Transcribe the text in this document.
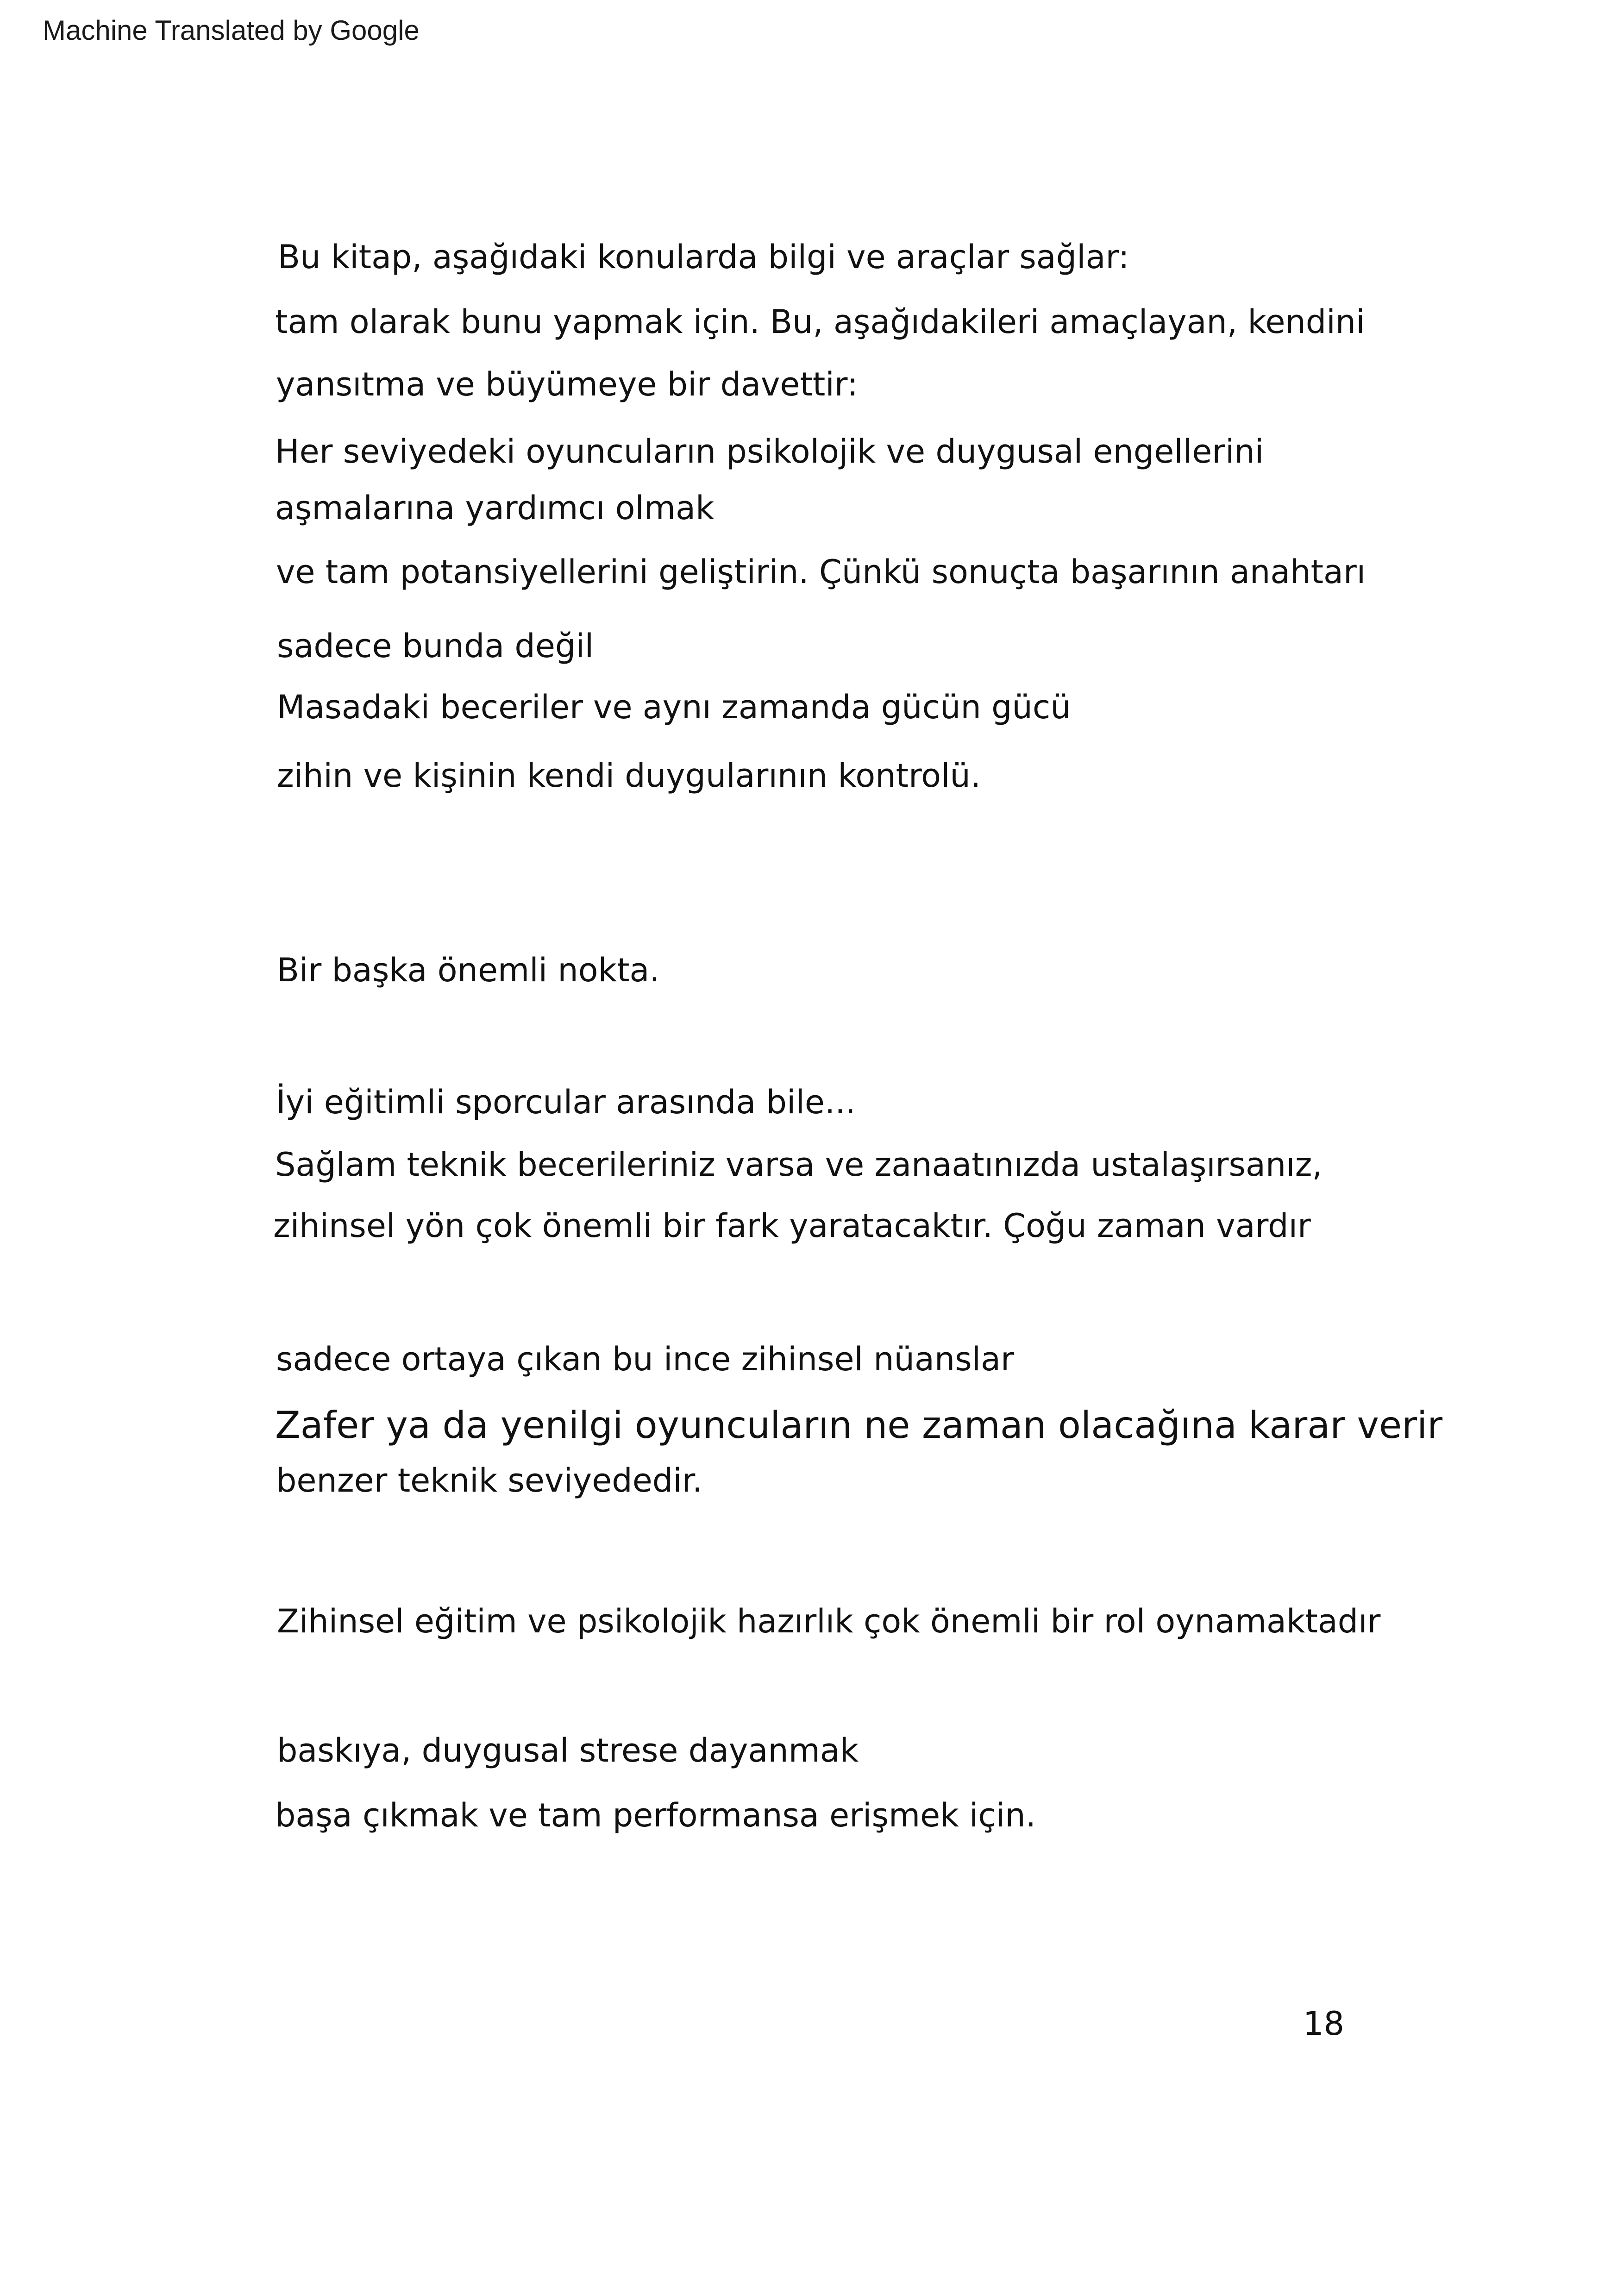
Machine Translated by Google
Bu kitap, aşağıdaki konularda bilgi ve araçlar sağlar:
tam olarak bunu yapmak için. Bu, aşağıdakileri amaçlayan, kendini
yansıtma ve büyümeye bir davettir:
Her seviyedeki oyuncuların psikolojik ve duygusal engellerini
aşmalarına yardımcı olmak
ve tam potansiyellerini geliştirin. Çünkü sonuçta başarının anahtarı
sadece bunda değil
Masadaki beceriler ve aynı zamanda gücün gücü
zihin ve kişinin kendi duygularının kontrolü.
Bir başka önemli nokta.
İyi eğitimli sporcular arasında bile...
Sağlam teknik becerileriniz varsa ve zanaatınızda ustalaşırsanız,
zihinsel yön çok önemli bir fark yaratacaktır. Çoğu zaman vardır
sadece ortaya çıkan bu ince zihinsel nüanslar
Zafer ya da yenilgi oyuncuların ne zaman olacağına karar verir
benzer teknik seviyededir.
Zihinsel eğitim ve psikolojik hazırlık çok önemli bir rol oynamaktadır
baskıya, duygusal strese dayanmak
başa çıkmak ve tam performansa erişmek için.
18
